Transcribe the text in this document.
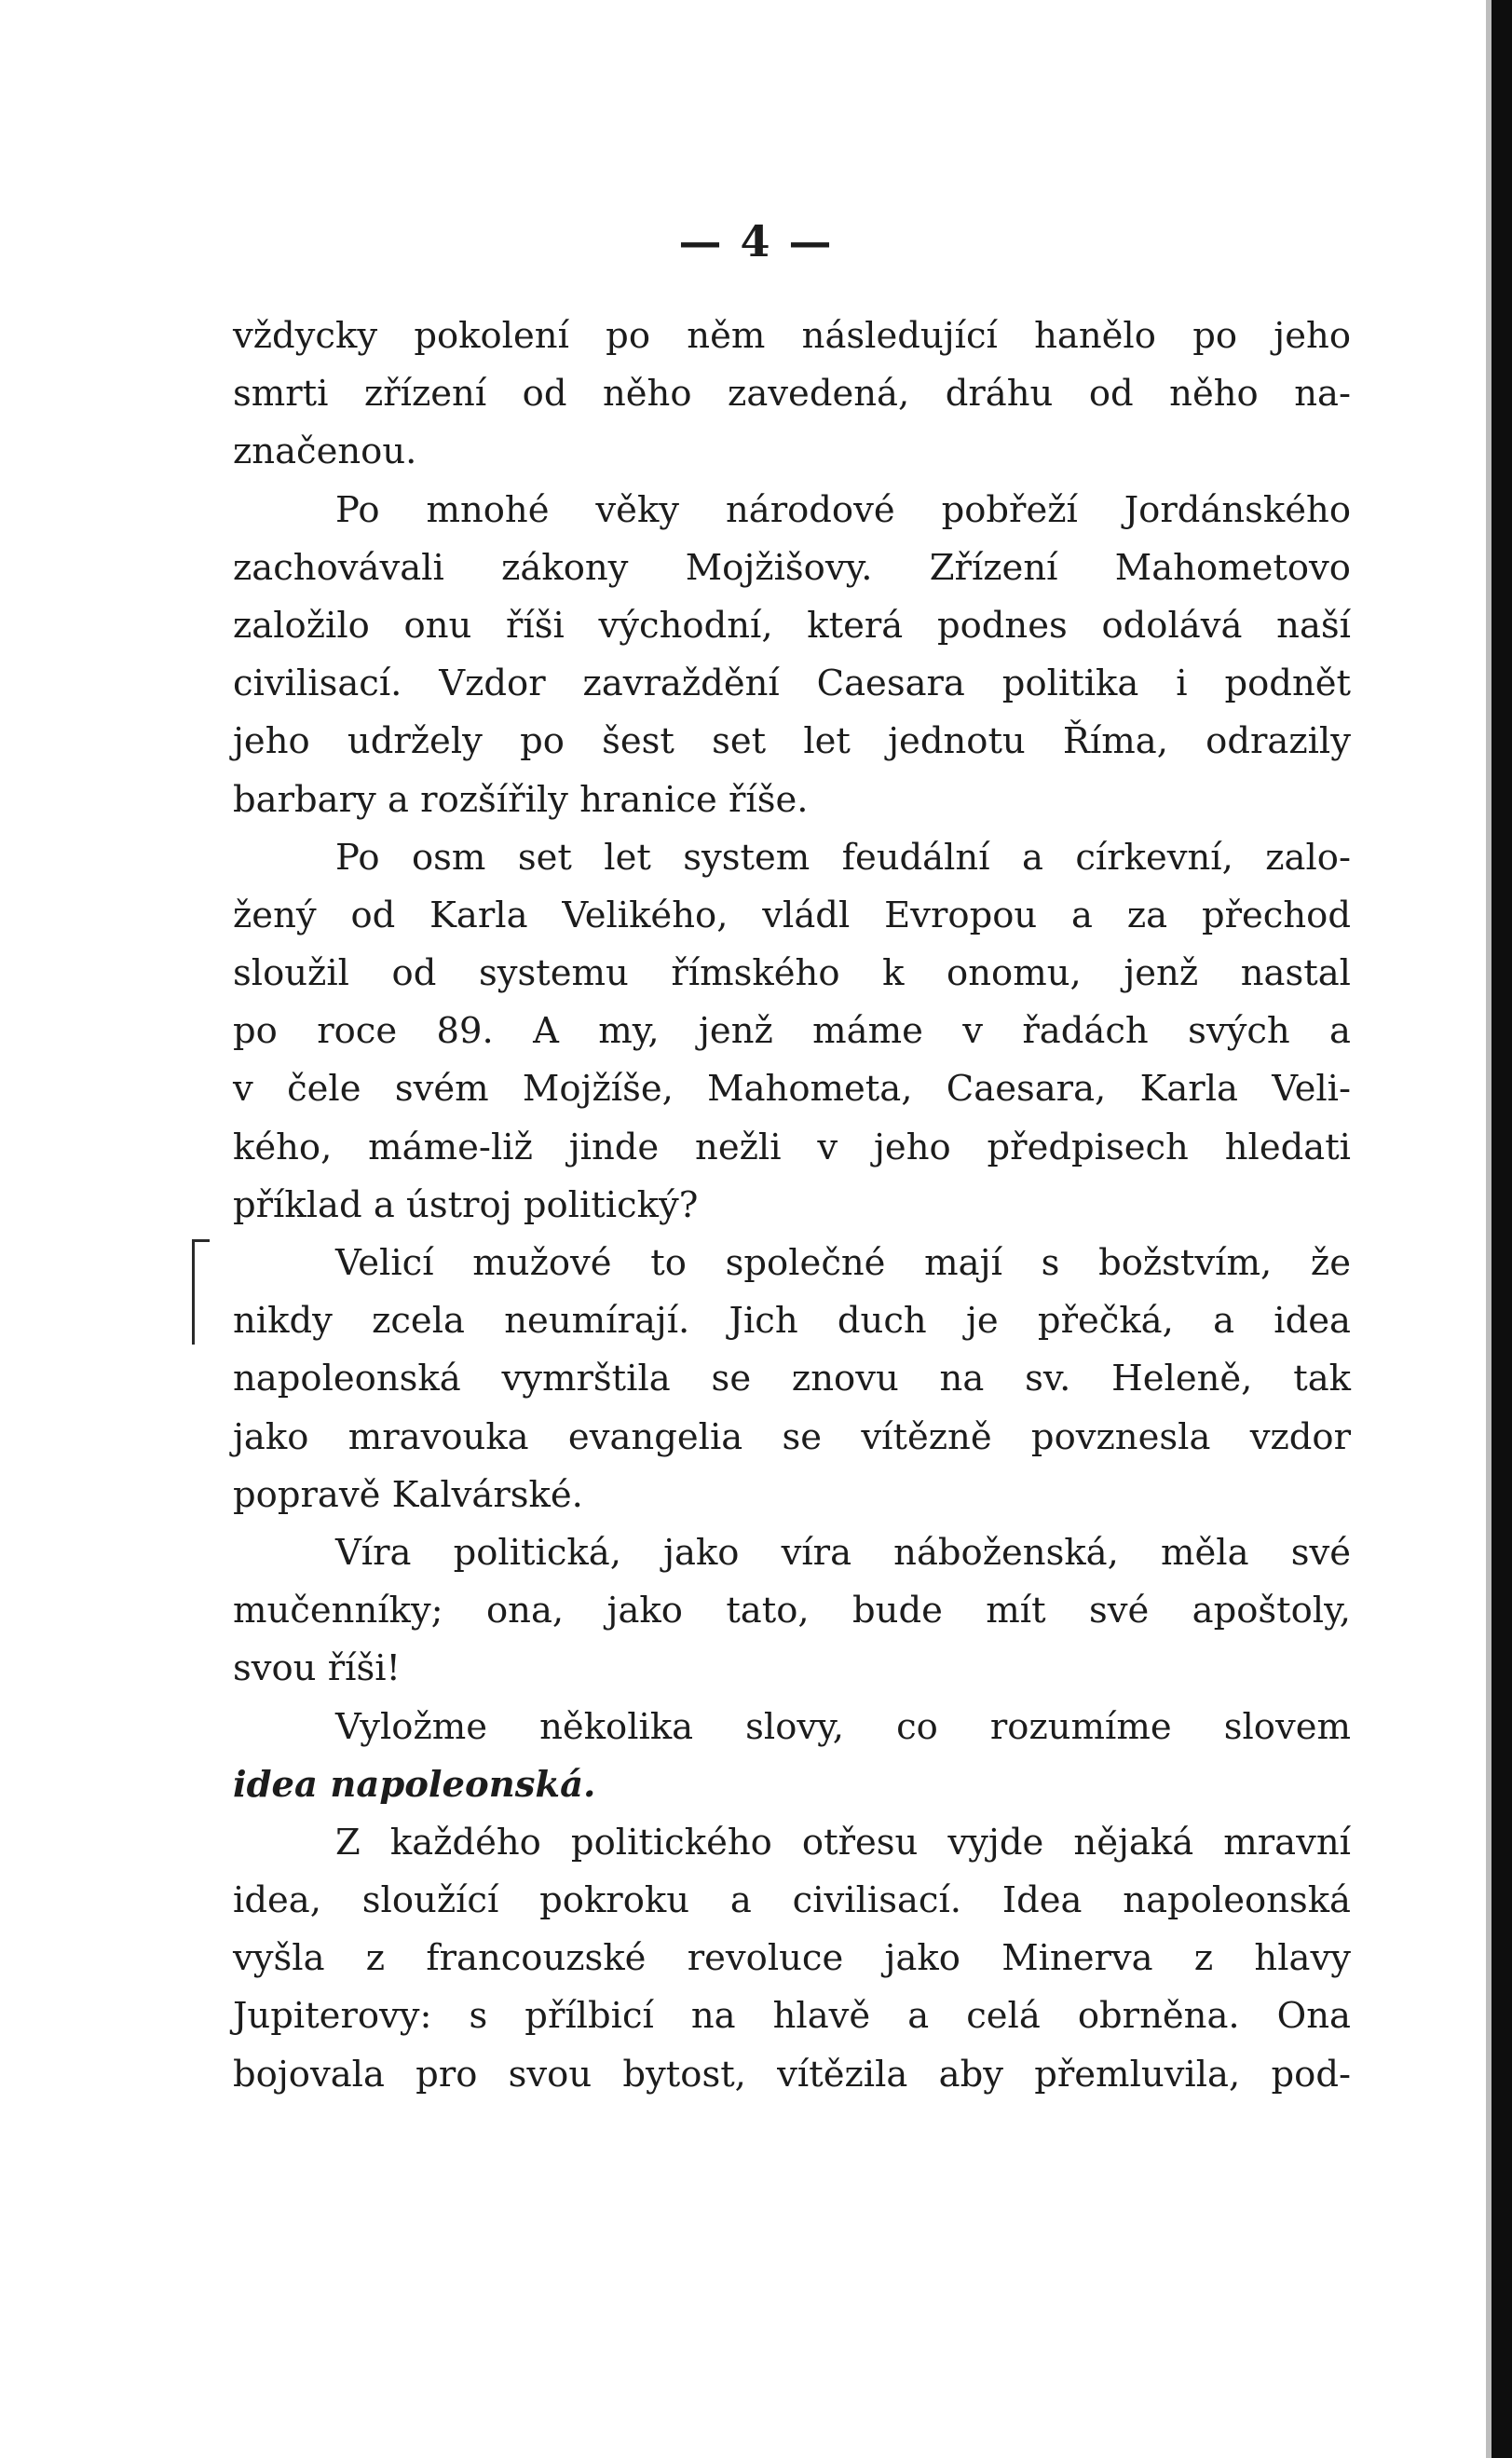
— 4 —
vždycky pokolení po něm následující hanělo po jeho
smrti zřízení od něho zavedená, dráhu od něho na-
značenou.
Po mnohé věky národové pobřeží Jordánského
zachovávali zákony Mojžišovy. Zřízení Mahometovo
založilo onu říši východní, která podnes odolává naší
civilisací. Vzdor zavraždění Caesara politika i podnět
jeho udržely po šest set let jednotu Říma, odrazily
barbary a rozšířily hranice říše.
Po osm set let system feudální a církevní, zalo-
žený od Karla Velikého, vládl Evropou a za přechod
sloužil od systemu římského k onomu, jenž nastal
po roce 89. A my, jenž máme v řadách svých a
v čele svém Mojžíše, Mahometa, Caesara, Karla Veli-
kého, máme-liž jinde nežli v jeho předpisech hledati
příklad a ústroj politický?
Velicí mužové to společné mají s božstvím, že
nikdy zcela neumírají. Jich duch je přečká, a idea
napoleonská vymrštila se znovu na sv. Heleně, tak
jako mravouka evangelia se vítězně povznesla vzdor
popravě Kalvárské.
Víra politická, jako víra náboženská, měla své
mučenníky; ona, jako tato, bude mít své apoštoly,
svou říši!
Vyložme několika slovy, co rozumíme slovem
idea napoleonská.
Z každého politického otřesu vyjde nějaká mravní
idea, sloužící pokroku a civilisací. Idea napoleonská
vyšla z francouzské revoluce jako Minerva z hlavy
Jupiterovy: s přílbicí na hlavě a celá obrněna. Ona
bojovala pro svou bytost, vítězila aby přemluvila, pod-
